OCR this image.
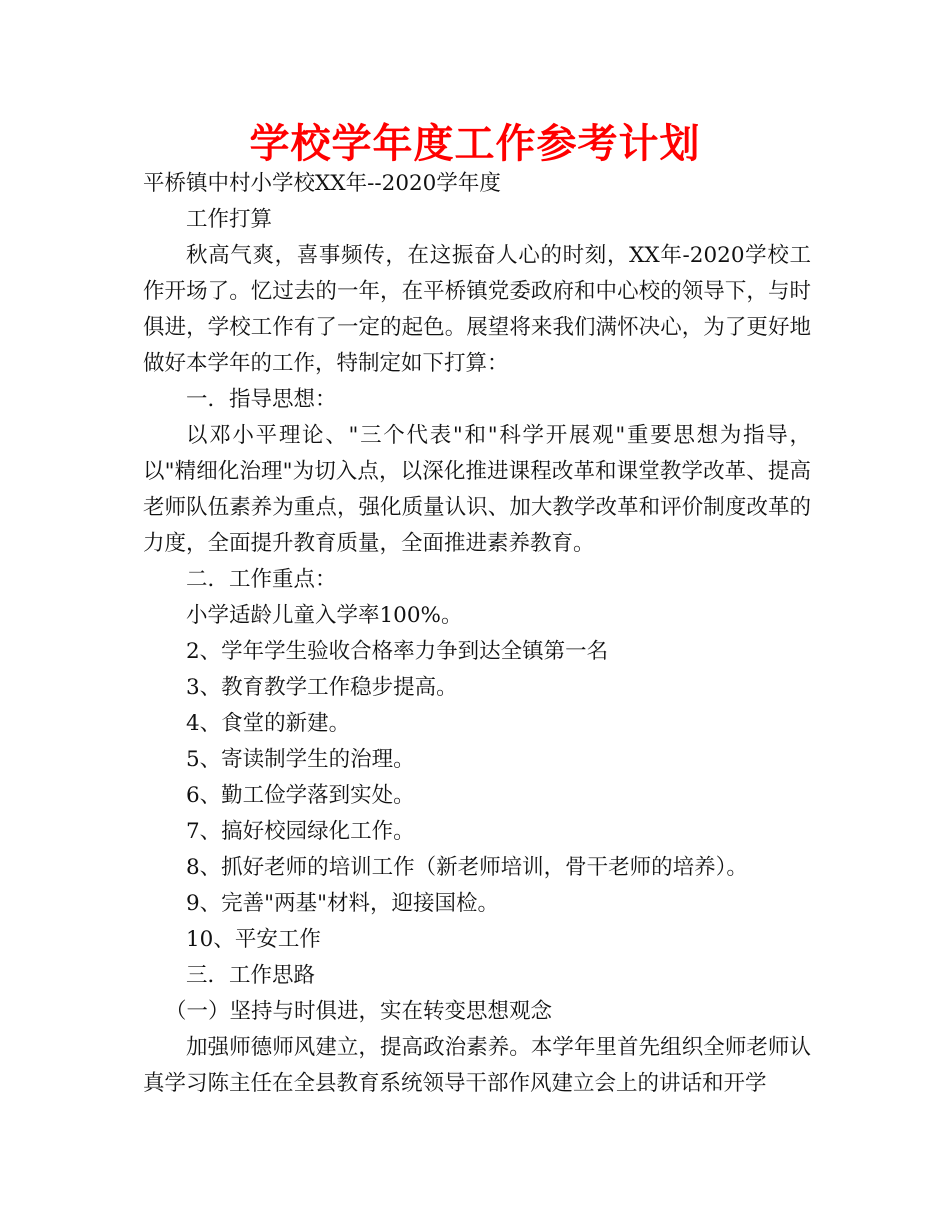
学校学年度工作参考计划

平桥镇中村小学校XX年--2020学年度

工作打算

秋高气爽，喜事频传，在这振奋人心的时刻，XX年-2020学校工作开场了。忆过去的一年，在平桥镇党委政府和中心校的领导下，与时俱进，学校工作有了一定的起色。展望将来我们满怀决心，为了更好地做好本学年的工作，特制定如下打算：

一．指导思想：

以邓小平理论、"三个代表"和"科学开展观"重要思想为指导，以"精细化治理"为切入点，以深化推进课程改革和课堂教学改革、提高老师队伍素养为重点，强化质量认识、加大教学改革和评价制度改革的力度，全面提升教育质量，全面推进素养教育。

二．工作重点：

小学适龄儿童入学率100%。

2、学年学生验收合格率力争到达全镇第一名

3、教育教学工作稳步提高。

4、食堂的新建。

5、寄读制学生的治理。

6、勤工俭学落到实处。

7、搞好校园绿化工作。

8、抓好老师的培训工作（新老师培训，骨干老师的培养）。

9、完善"两基"材料，迎接国检。

10、平安工作

三．工作思路

（一）坚持与时俱进，实在转变思想观念

加强师德师风建立，提高政治素养。本学年里首先组织全师老师认真学习陈主任在全县教育系统领导干部作风建立会上的讲话和开学
